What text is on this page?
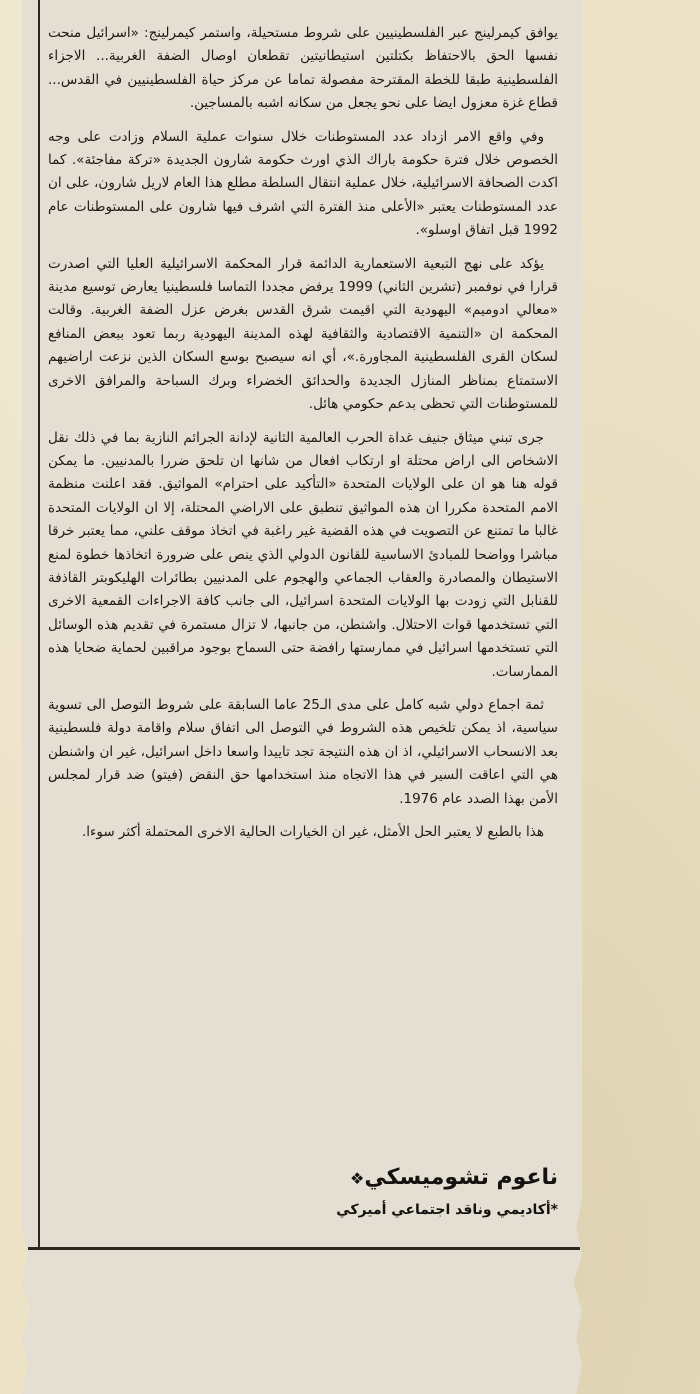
يوافق كيمرلينج عبر الفلسطينيين على شروط مستحيلة، واستمر كيمرلينج: «اسرائيل منحت نفسها الحق بالاحتفاظ بكتلتين استيطانيتين تقطعان اوصال الضفة الغربية... الاجزاء الفلسطينية طبقا للخطة المقترحة مفصولة تماما عن مركز حياة الفلسطينيين في القدس... قطاع غزة معزول ايضا على نحو يجعل من سكانه اشبه بالمساجين.

وفي واقع الامر ازداد عدد المستوطنات خلال سنوات عملية السلام وزادت على وجه الخصوص خلال فترة حكومة باراك الذي اورث حكومة شارون الجديدة «تركة مفاجئة». كما اكدت الصحافة الاسرائيلية، خلال عملية انتقال السلطة مطلع هذا العام لاريل شارون، على ان عدد المستوطنات يعتبر «الأعلى منذ الفترة التي اشرف فيها شارون على المستوطنات عام 1992 قبل اتفاق اوسلو».

يؤكد على نهج التبعية الاستعمارية الدائمة قرار المحكمة الاسرائيلية العليا التي اصدرت قرارا في نوفمبر (تشرين الثاني) 1999 يرفض مجددا التماسا فلسطينيا يعارض توسيع مدينة «معالي ادوميم» اليهودية التي اقيمت شرق القدس بغرض عزل الضفة الغربية. وقالت المحكمة ان «التنمية الاقتصادية والثقافية لهذه المدينة اليهودية ربما تعود ببعض المنافع لسكان القرى الفلسطينية المجاورة.»، أي انه سيصبح بوسع السكان الذين نزعت اراضيهم الاستمتاع بمناظر المنازل الجديدة والحدائق الخضراء وبرك السباحة والمرافق الاخرى للمستوطنات التي تحظى بدعم حكومي هائل.

جرى تبني ميثاق جنيف غداة الحرب العالمية الثانية لإدانة الجرائم النازية بما في ذلك نقل الاشخاص الى اراض محتلة او ارتكاب افعال من شانها ان تلحق ضررا بالمدنيين. ما يمكن قوله هنا هو ان على الولايات المتحدة «التأكيد على احترام» المواثيق. فقد اعلنت منظمة الامم المتحدة مكررا ان هذه المواثيق تنطبق على الاراضي المحتلة، إلا ان الولايات المتحدة غالبا ما تمتنع عن التصويت في هذه القضية غير راغبة في اتخاذ موقف علني، مما يعتبر خرقا مباشرا وواضحا للمبادئ الاساسية للقانون الدولي الذي ينص على ضرورة اتخاذها خطوة لمنع الاستيطان والمصادرة والعقاب الجماعي والهجوم على المدنيين بطائرات الهليكوبتر القاذفة للقنابل التي زودت بها الولايات المتحدة اسرائيل، الى جانب كافة الاجراءات القمعية الاخرى التي تستخدمها قوات الاحتلال. واشنطن، من جانبها، لا تزال مستمرة في تقديم هذه الوسائل التي تستخدمها اسرائيل في ممارستها رافضة حتى السماح بوجود مراقبين لحماية ضحايا هذه الممارسات.

ثمة اجماع دولي شبه كامل على مدى الـ25 عاما السابقة على شروط التوصل الى تسوية سياسية، اذ يمكن تلخيص هذه الشروط في التوصل الى اتفاق سلام واقامة دولة فلسطينية بعد الانسحاب الاسرائيلي، اذ ان هذه النتيجة تجد تاييدا واسعا داخل اسرائيل، غير ان واشنطن هي التي اعاقت السير في هذا الاتجاه منذ استخدامها حق النقض (فيتو) ضد قرار لمجلس الأمن بهذا الصدد عام 1976.

هذا بالطبع لا يعتبر الحل الأمثل، غير ان الخيارات الحالية الاخرى المحتملة أكثر سوءا.

ناعوم تشوميسكي❖

*أكاديمي وناقد اجتماعي أميركي
